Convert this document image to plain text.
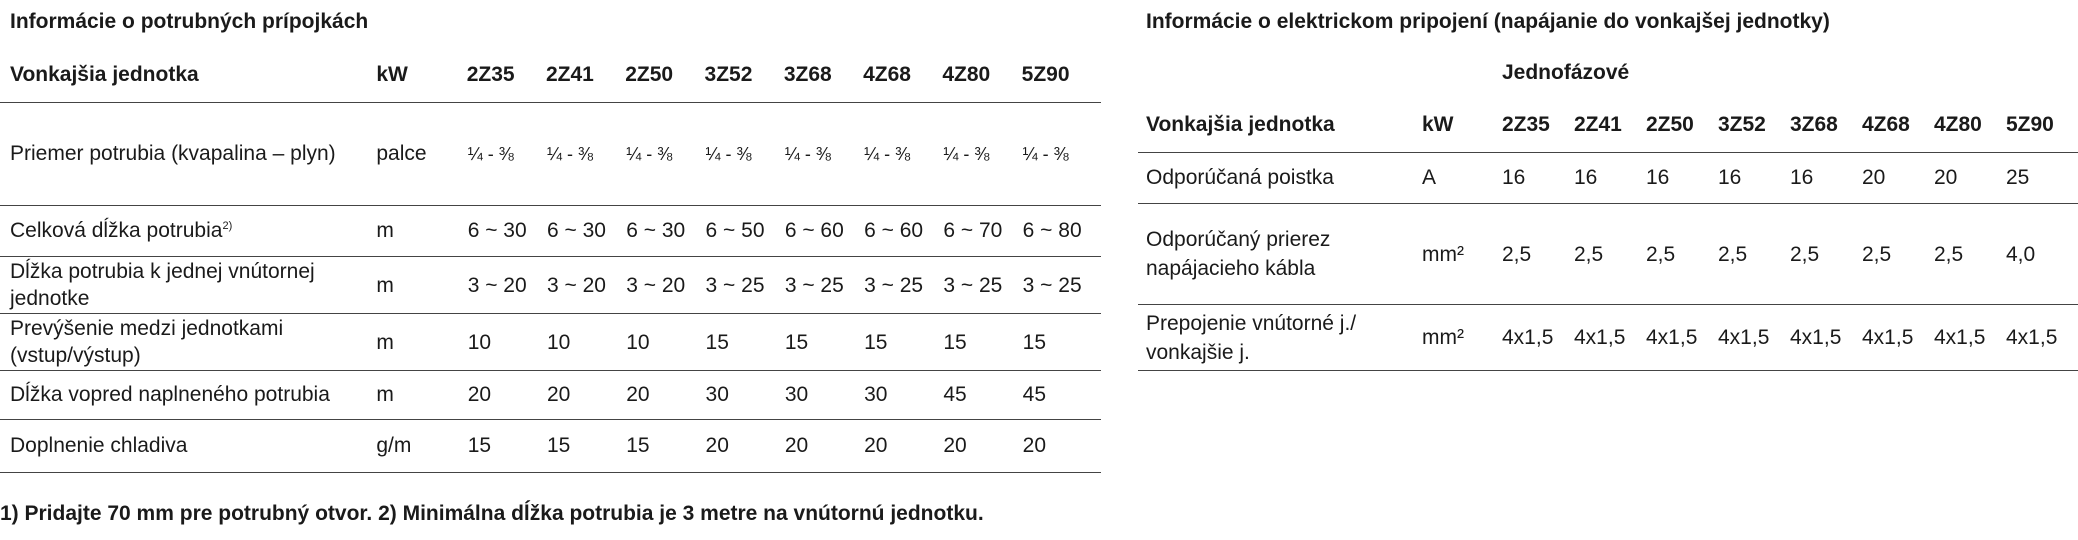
Informácie o potrubných prípojkách
Vonkajšia jednotka	kW	2Z35	2Z41	2Z50	3Z52	3Z68	4Z68	4Z80	5Z90
Priemer potrubia (kvapalina – plyn)	palce	¼ - ⅜	¼ - ⅜	¼ - ⅜	¼ - ⅜	¼ - ⅜	¼ - ⅜	¼ - ⅜	¼ - ⅜
Celková dĺžka potrubia$^{2)}$	m	6 ~ 30	6 ~ 30	6 ~ 30	6 ~ 50	6 ~ 60	6 ~ 60	6 ~ 70	6 ~ 80
Dĺžka potrubia k jednej vnútornej
jednotke	m	3 ~ 20	3 ~ 20	3 ~ 20	3 ~ 25	3 ~ 25	3 ~ 25	3 ~ 25	3 ~ 25
Prevýšenie medzi jednotkami
(vstup/výstup)	m	10	10	10	15	15	15	15	15
Dĺžka vopred naplneného potrubia	m	20	20	20	30	30	30	45	45
Doplnenie chladiva	g/m	15	15	15	20	20	20	20	20
Informácie o elektrickom pripojení (napájanie do vonkajšej jednotky)
		Jednofázové							
Vonkajšia jednotka	kW	2Z35	2Z41	2Z50	3Z52	3Z68	4Z68	4Z80	5Z90
Odporúčaná poistka	A	16	16	16	16	16	20	20	25
Odporúčaný prierez
napájacieho kábla	mm²	2,5	2,5	2,5	2,5	2,5	2,5	2,5	4,0
Prepojenie vnútorné j./
vonkajšie j.	mm²	4x1,5	4x1,5	4x1,5	4x1,5	4x1,5	4x1,5	4x1,5	4x1,5
1) Pridajte 70 mm pre potrubný otvor. 2) Minimálna dĺžka potrubia je 3 metre na vnútornú jednotku.
